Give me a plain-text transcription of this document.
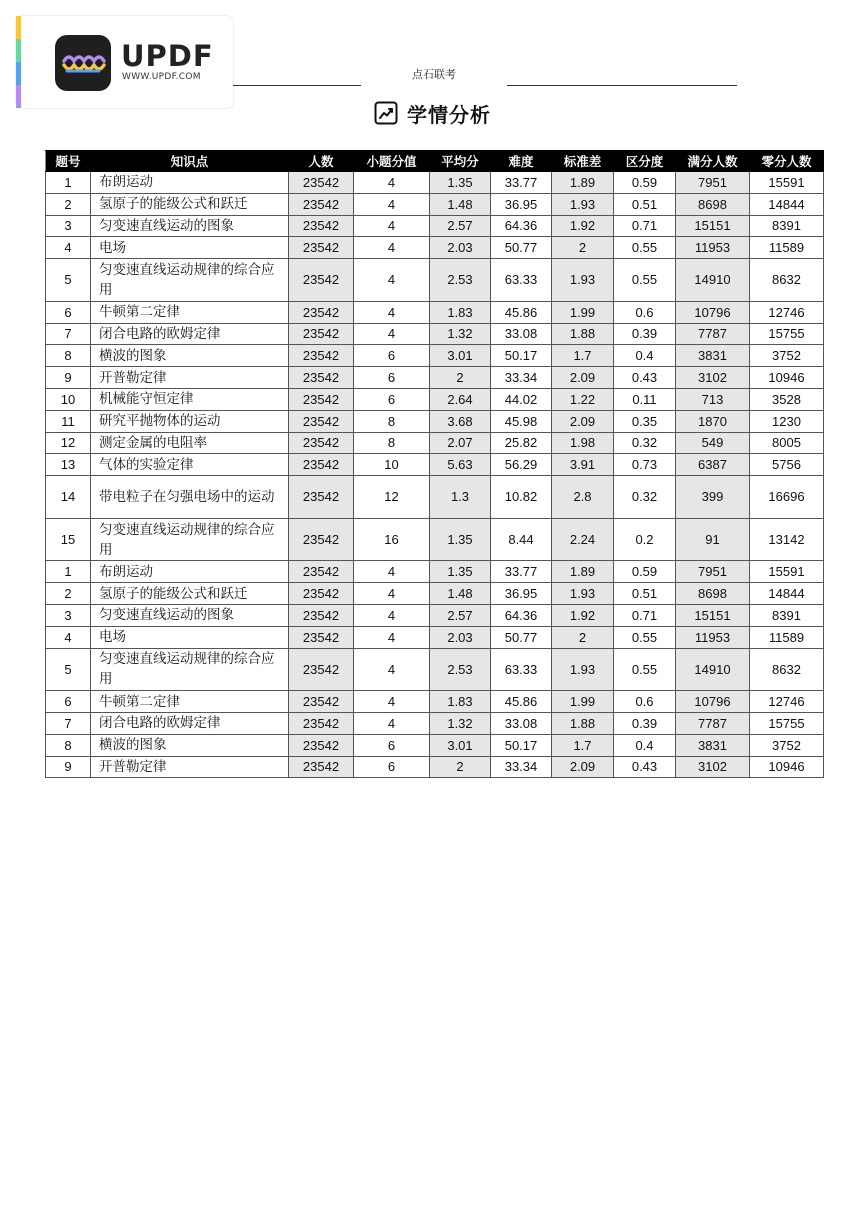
UPDF
WWW.UPDF.COM	点石联考
学情分析
题号	知识点	人数	小题分值	平均分	难度	标准差	区分度	满分人数	零分人数
1	布朗运动	23542	4	1.35	33.77	1.89	0.59	7951	15591
2	氢原子的能级公式和跃迁	23542	4	1.48	36.95	1.93	0.51	8698	14844
3	匀变速直线运动的图象	23542	4	2.57	64.36	1.92	0.71	15151	8391
4	电场	23542	4	2.03	50.77	2	0.55	11953	11589
5	匀变速直线运动规律的综合应用	23542	4	2.53	63.33	1.93	0.55	14910	8632
6	牛顿第二定律	23542	4	1.83	45.86	1.99	0.6	10796	12746
7	闭合电路的欧姆定律	23542	4	1.32	33.08	1.88	0.39	7787	15755
8	横波的图象	23542	6	3.01	50.17	1.7	0.4	3831	3752
9	开普勒定律	23542	6	2	33.34	2.09	0.43	3102	10946
10	机械能守恒定律	23542	6	2.64	44.02	1.22	0.11	713	3528
11	研究平抛物体的运动	23542	8	3.68	45.98	2.09	0.35	1870	1230
12	测定金属的电阻率	23542	8	2.07	25.82	1.98	0.32	549	8005
13	气体的实验定律	23542	10	5.63	56.29	3.91	0.73	6387	5756
14	带电粒子在匀强电场中的运动	23542	12	1.3	10.82	2.8	0.32	399	16696
15	匀变速直线运动规律的综合应用	23542	16	1.35	8.44	2.24	0.2	91	13142
1	布朗运动	23542	4	1.35	33.77	1.89	0.59	7951	15591
2	氢原子的能级公式和跃迁	23542	4	1.48	36.95	1.93	0.51	8698	14844
3	匀变速直线运动的图象	23542	4	2.57	64.36	1.92	0.71	15151	8391
4	电场	23542	4	2.03	50.77	2	0.55	11953	11589
5	匀变速直线运动规律的综合应用	23542	4	2.53	63.33	1.93	0.55	14910	8632
6	牛顿第二定律	23542	4	1.83	45.86	1.99	0.6	10796	12746
7	闭合电路的欧姆定律	23542	4	1.32	33.08	1.88	0.39	7787	15755
8	横波的图象	23542	6	3.01	50.17	1.7	0.4	3831	3752
9	开普勒定律	23542	6	2	33.34	2.09	0.43	3102	10946
